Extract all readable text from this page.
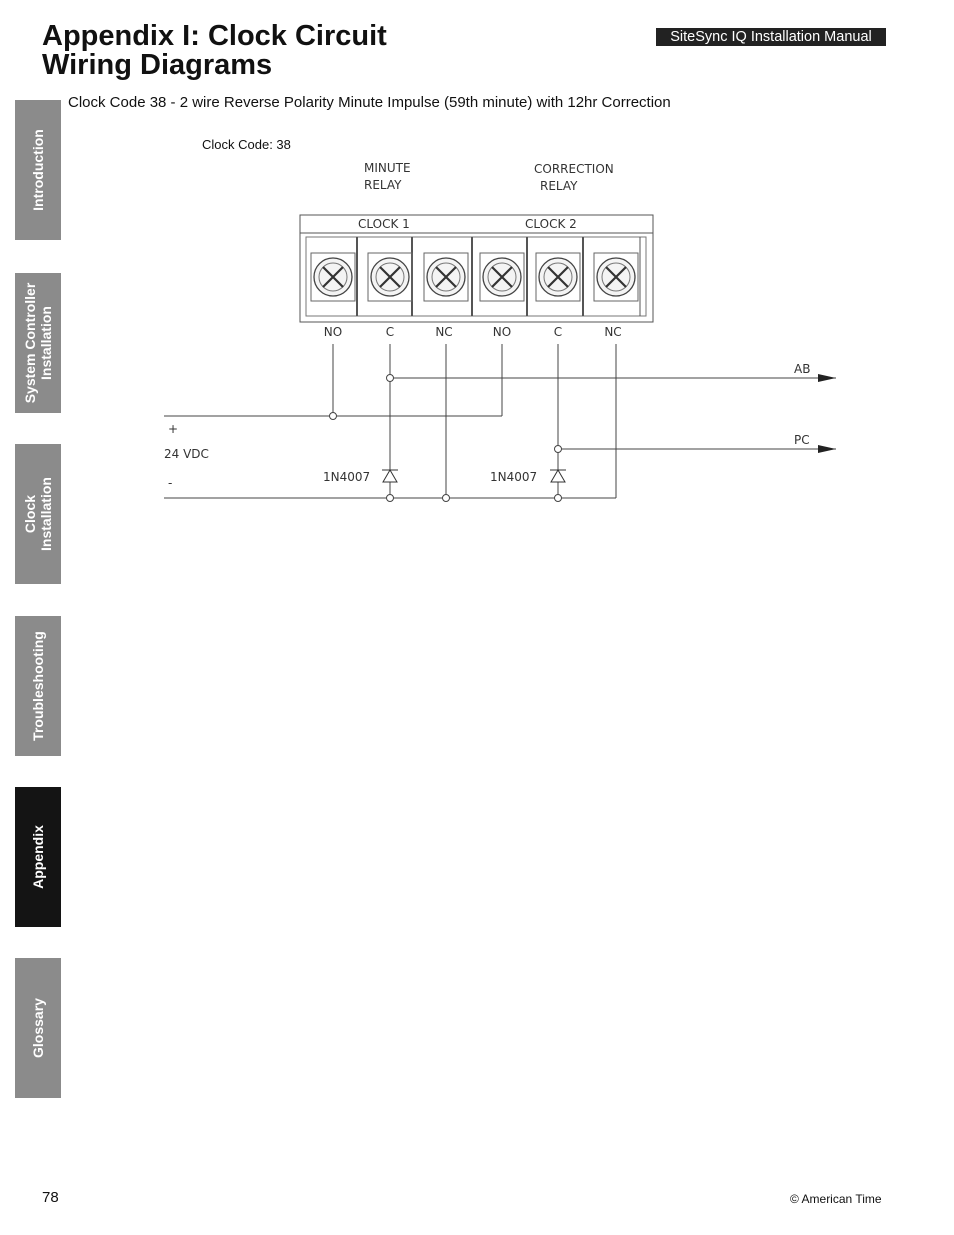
Appendix I: Clock Circuit
Wiring Diagrams
SiteSync IQ Installation Manual
Introduction
System Controller Installation
Clock Installation
Troubleshooting
Appendix
Glossary
Clock Code 38 - 2 wire Reverse Polarity Minute Impulse (59th minute) with 12hr Correction
Clock Code: 38
MINUTE
RELAY
CORRECTION
RELAY
CLOCK 1	CLOCK 2
NO	C	NC	NO	C	NC
1N4007	1N4007
AB
PC
+
24 VDC
-
78	© American Time
